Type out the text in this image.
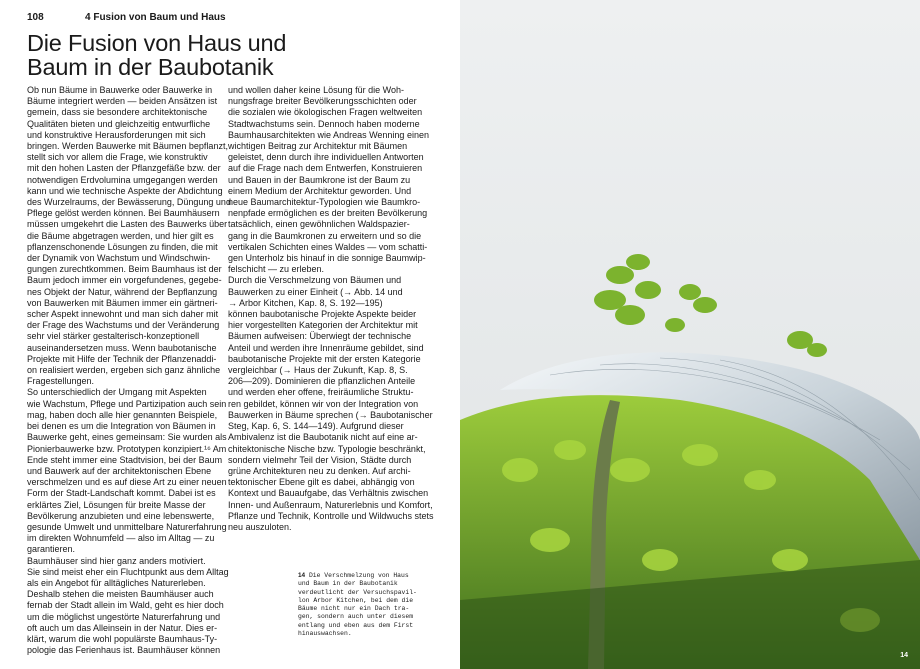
108	4 Fusion von Baum und Haus
Die Fusion von Haus und
Baum in der Baubotanik
Ob nun Bäume in Bauwerke oder Bauwerke in
Bäume integriert werden — beiden Ansätzen ist
gemein, dass sie besondere architektonische
Qualitäten bieten und gleichzeitig entwurfliche
und konstruktive Herausforderungen mit sich
bringen. Werden Bauwerke mit Bäumen bepflanzt,
stellt sich vor allem die Frage, wie konstruktiv
mit den hohen Lasten der Pflanzgefäße bzw. der
notwendigen Erdvolumina umgegangen werden
kann und wie technische Aspekte der Abdichtung
des Wurzelraums, der Bewässerung, Düngung und
Pflege gelöst werden können. Bei Baumhäusern
müssen umgekehrt die Lasten des Bauwerks über
die Bäume abgetragen werden, und hier gilt es
pflanzenschonende Lösungen zu finden, die mit
der Dynamik von Wachstum und Windschwin-
gungen zurechtkommen. Beim Baumhaus ist der
Baum jedoch immer ein vorgefundenes, gegebe-
nes Objekt der Natur, während der Bepflanzung
von Bauwerken mit Bäumen immer ein gärtneri-
scher Aspekt innewohnt und man sich daher mit
der Frage des Wachstums und der Veränderung
sehr viel stärker gestalterisch-konzeptionell
auseinandersetzen muss. Wenn baubotanische
Projekte mit Hilfe der Technik der Pflanzenaddi-
on realisiert werden, ergeben sich ganz ähnliche
Fragestellungen.
So unterschiedlich der Umgang mit Aspekten
wie Wachstum, Pflege und Partizipation auch sein
mag, haben doch alle hier genannten Beispiele,
bei denen es um die Integration von Bäumen in
Bauwerke geht, eines gemeinsam: Sie wurden als
Pionierbauwerke bzw. Prototypen konzipiert.¹⁶ Am
Ende steht immer eine Stadtvision, bei der Baum
und Bauwerk auf der architektonischen Ebene
verschmelzen und es auf diese Art zu einer neuen
Form der Stadt-Landschaft kommt. Dabei ist es
erklärtes Ziel, Lösungen für breite Masse der
Bevölkerung anzubieten und eine lebenswerte,
gesunde Umwelt und unmittelbare Naturerfahrung
im direkten Wohnumfeld — also im Alltag — zu
garantieren.
Baumhäuser sind hier ganz anders motiviert.
Sie sind meist eher ein Fluchtpunkt aus dem Alltag
als ein Angebot für alltägliches Naturerleben.
Deshalb stehen die meisten Baumhäuser auch
fernab der Stadt allein im Wald, geht es hier doch
um die möglichst ungestörte Naturerfahrung und
oft auch um das Alleinsein in der Natur. Dies er-
klärt, warum die wohl populärste Baumhaus-Ty-
pologie das Ferienhaus ist. Baumhäuser können
und wollen daher keine Lösung für die Woh-
nungsfrage breiter Bevölkerungsschichten oder
die sozialen wie ökologischen Fragen weltweiten
Stadtwachstums sein. Dennoch haben moderne
Baumhausarchitekten wie Andreas Wenning einen
wichtigen Beitrag zur Architektur mit Bäumen
geleistet, denn durch ihre individuellen Antworten
auf die Frage nach dem Entwerfen, Konstruieren
und Bauen in der Baumkrone ist der Baum zu
einem Medium der Architektur geworden. Und
neue Baumarchitektur-Typologien wie Baumkro-
nenpfade ermöglichen es der breiten Bevölkerung
tatsächlich, einen gewöhnlichen Waldspazier-
gang in die Baumkronen zu erweitern und so die
vertikalen Schichten eines Waldes — vom schatti-
gen Unterholz bis hinauf in die sonnige Baumwip-
felschicht — zu erleben.
Durch die Verschmelzung von Bäumen und
Bauwerken zu einer Einheit (→ Abb. 14 und
→ Arbor Kitchen, Kap. 8, S. 192—195)
können baubotanische Projekte Aspekte beider
hier vorgestellten Kategorien der Architektur mit
Bäumen aufweisen: Überwiegt der technische
Anteil und werden ihre Innenräume gebildet, sind
baubotanische Projekte mit der ersten Kategorie
vergleichbar (→ Haus der Zukunft, Kap. 8, S.
206—209). Dominieren die pflanzlichen Anteile
und werden eher offene, freiräumliche Struktu-
ren gebildet, können wir von der Integration von
Bauwerken in Bäume sprechen (→ Baubotanischer
Steg, Kap. 6, S. 144—149). Aufgrund dieser
Ambivalenz ist die Baubotanik nicht auf eine ar-
chitektonische Nische bzw. Typologie beschränkt,
sondern vielmehr Teil der Vision, Städte durch
grüne Architekturen neu zu denken. Auf archi-
tektonischer Ebene gilt es dabei, abhängig von
Kontext und Bauaufgabe, das Verhältnis zwischen
Innen- und Außenraum, Naturerlebnis und Komfort,
Pflanze und Technik, Kontrolle und Wildwuchs stets
neu auszuloten.
14 Die Verschmelzung von Haus

und Baum in der Baubotanik
verdeutlicht der Versuchspavil-
lon Arbor Kitchen, bei dem die
Bäume nicht nur ein Dach tra-
gen, sondern auch unter diesem
entlang und eben aus dem First
hinauswachsen.
14
